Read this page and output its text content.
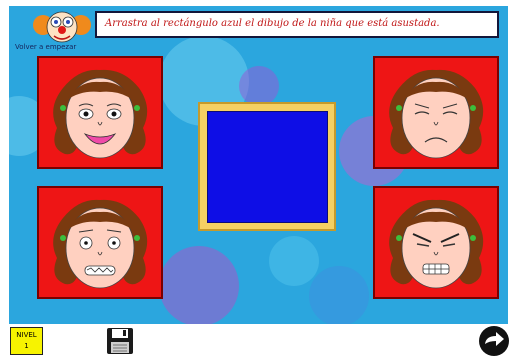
Volver a empezar
Arrastra al rectángulo azul el dibujo de la niña que está asustada.
NIVEL
1
